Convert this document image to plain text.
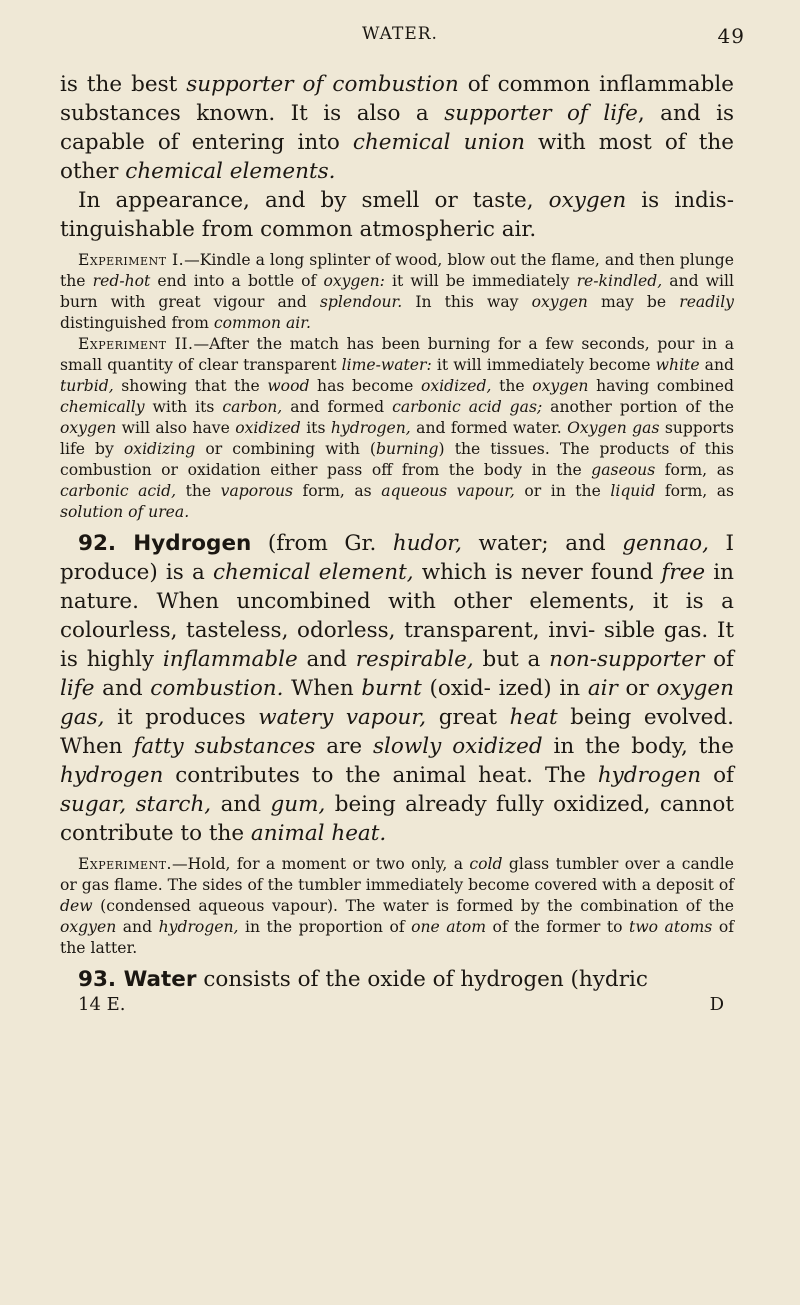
WATER.	49

is the best supporter of combustion of common inflammable substances known. It is also a supporter of life, and is capable of entering into chemical union with most of the other chemical elements.

In appearance, and by smell or taste, oxygen is indis- tinguishable from common atmospheric air.

Experiment I.—Kindle a long splinter of wood, blow out the flame, and then plunge the red-hot end into a bottle of oxygen: it will be immediately re-kindled, and will burn with great vigour and splendour. In this way oxygen may be readily distinguished from common air.

Experiment II.—After the match has been burning for a few seconds, pour in a small quantity of clear transparent lime-water: it will immediately become white and turbid, showing that the wood has become oxidized, the oxygen having combined chemically with its carbon, and formed carbonic acid gas; another portion of the oxygen will also have oxidized its hydrogen, and formed water. Oxygen gas supports life by oxidizing or combining with (burning) the tissues. The products of this combustion or oxidation either pass off from the body in the gaseous form, as carbonic acid, the vaporous form, as aqueous vapour, or in the liquid form, as solution of urea.

92. Hydrogen (from Gr. hudor, water; and gennao, I produce) is a chemical element, which is never found free in nature. When uncombined with other elements, it is a colourless, tasteless, odorless, transparent, invi- sible gas. It is highly inflammable and respirable, but a non-supporter of life and combustion. When burnt (oxid- ized) in air or oxygen gas, it produces watery vapour, great heat being evolved. When fatty substances are slowly oxidized in the body, the hydrogen contributes to the animal heat. The hydrogen of sugar, starch, and gum, being already fully oxidized, cannot contribute to the animal heat.

Experiment.—Hold, for a moment or two only, a cold glass tumbler over a candle or gas flame. The sides of the tumbler immediately become covered with a deposit of dew (condensed aqueous vapour). The water is formed by the combination of the oxgyen and hydrogen, in the proportion of one atom of the former to two atoms of the latter.

93. Water consists of the oxide of hydrogen (hydric

14 E.	D
